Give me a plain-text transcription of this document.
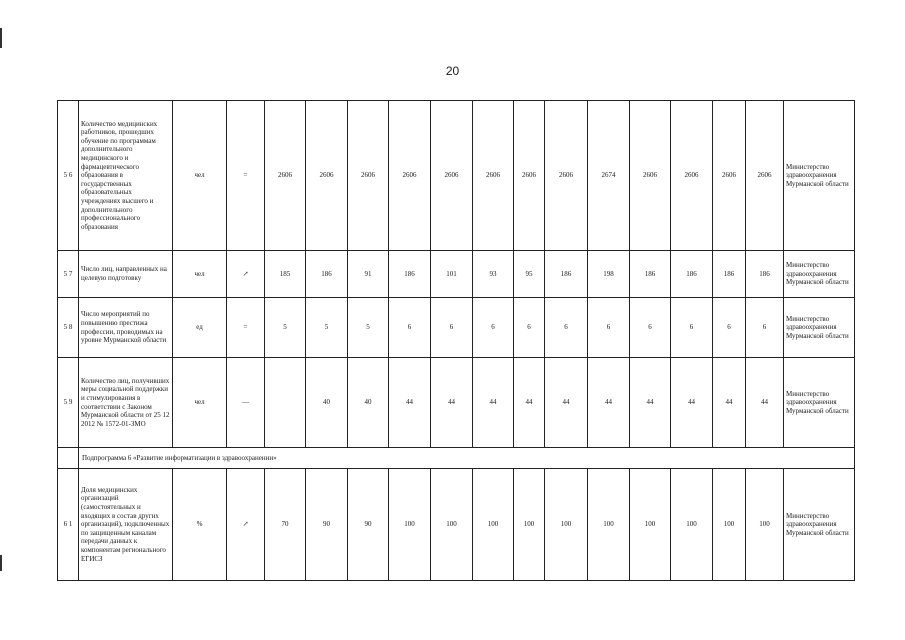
20
5 6	Количество медицинских работников, прошедших обучение по программам дополнительного медицинского и фармацевтического образования в государственных образовательных учреждениях высшего и дополнительного профессионального образования	чел	=	2606	2606	2606	2606	2606	2606	2606	2606	2674	2606	2606	2606	2606	Министерство здравоохранения Мурманской области
5 7	Число лиц, направленных на целевую подготовку	чел	↗	185	186	91	186	101	93	95	186	198	186	186	186	186	Министерство здравоохранения Мурманской области
5 8	Число мероприятий по повышению престижа профессии, проводимых на уровне Мурманской области	ед	=	5	5	5	6	6	6	6	6	6	6	6	6	6	Министерство здравоохранения Мурманской области
5 9	Количество лиц, получивших меры социальной поддержки и стимулирования в соответствии с Законом Мурманской области от 25 12 2012 № 1572-01-ЗМО	чел	—		40	40	44	44	44	44	44	44	44	44	44	44	Министерство здравоохранения Мурманской области
	Подпрограмма 6 «Развитие информатизации в здравоохранении»																
6 1	Доля медицинских организаций (самостоятельных и входящих в состав других организаций), подключенных по защищенным каналам передачи данных к компонентам регионального ЕГИСЗ	%	↗	70	90	90	100	100	100	100	100	100	100	100	100	100	Министерство здравоохранения Мурманской области
